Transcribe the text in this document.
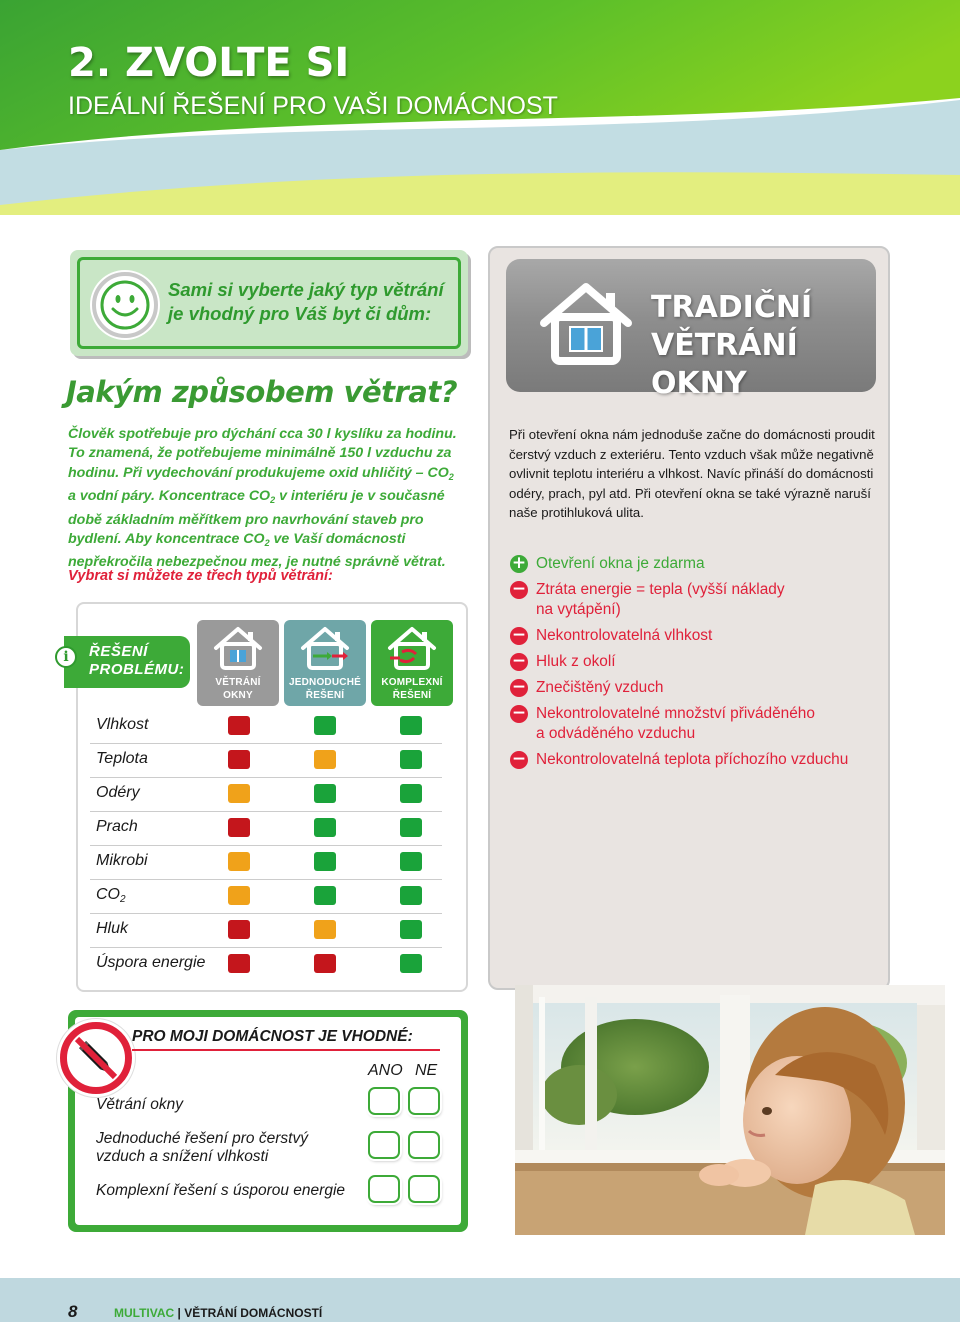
2. ZVOLTE SI
IDEÁLNÍ ŘEŠENÍ PRO VAŠI DOMÁCNOST
Sami si vyberte jaký typ větrání
je vhodný pro Váš byt či dům:
Jakým způsobem větrat?
Člověk spotřebuje pro dýchání cca 30 l kyslíku za hodinu. To znamená, že potřebujeme minimálně 150 l vzduchu za hodinu. Při vydechování produkujeme oxid uhličitý – $CO_2$ a vodní páry. Koncentrace $CO_2$ v interiéru je v současné době základním měřítkem pro navrhování staveb pro bydlení. Aby koncentrace $CO_2$ ve Vaší domácnosti nepřekročila nebezpečnou mez, je nutné správně větrat.
Vybrat si můžete ze třech typů větrání:
ŘEŠENÍ
PROBLÉMU:
i
VĚTRÁNÍ
OKNY
JEDNODUCHÉ
ŘEŠENÍ
KOMPLEXNÍ
ŘEŠENÍ
Vlhkost
Teplota
Odéry
Prach
Mikrobi
$CO_2$
Hluk
Úspora energie
PRO MOJI DOMÁCNOST JE VHODNÉ:
ANO NE
Větrání okny
Jednoduché řešení pro čerstvý
vzduch a snížení vlhkosti
Komplexní řešení s úsporou energie
TRADIČNÍ
VĚTRÁNÍ OKNY
Při otevření okna nám jednoduše začne do domácnosti proudit čerstvý vzduch z exteriéru. Tento vzduch však může negativně ovlivnit teplotu interiéru a vlhkost. Navíc přináší do domácnosti odéry, prach, pyl atd. Při otevření okna se také výrazně naruší naše protihluková ulita.
+ Otevření okna je zdarma
− Ztráta energie = tepla (vyšší náklady
na vytápění)
− Nekontrolovatelná vlhkost
− Hluk z okolí
− Znečištěný vzduch
− Nekontrolovatelné množství přiváděného
a odváděného vzduchu
− Nekontrolovatelná teplota příchozího vzduchu
8	MULTIVAC | VĚTRÁNÍ DOMÁCNOSTÍ
